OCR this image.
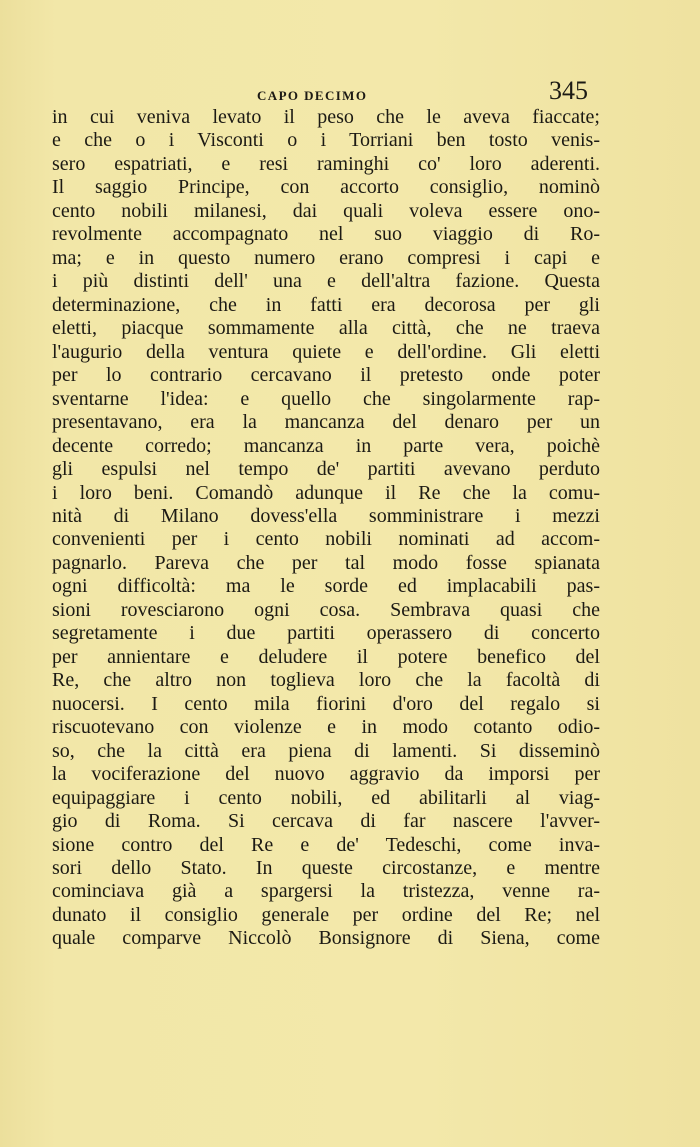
CAPO DECIMO	345
in cui veniva levato il peso che le aveva fiaccate;
e che o i Visconti o i Torriani ben tosto venis-
sero espatriati, e resi raminghi co' loro aderenti.
Il saggio Principe, con accorto consiglio, nominò
cento nobili milanesi, dai quali voleva essere ono-
revolmente accompagnato nel suo viaggio di Ro-
ma; e in questo numero erano compresi i capi e
i più distinti dell' una e dell'altra fazione. Questa
determinazione, che in fatti era decorosa per gli
eletti, piacque sommamente alla città, che ne traeva
l'augurio della ventura quiete e dell'ordine. Gli eletti
per lo contrario cercavano il pretesto onde poter
sventarne l'idea: e quello che singolarmente rap-
presentavano, era la mancanza del denaro per un
decente corredo; mancanza in parte vera, poichè
gli espulsi nel tempo de' partiti avevano perduto
i loro beni. Comandò adunque il Re che la comu-
nità di Milano dovess'ella somministrare i mezzi
convenienti per i cento nobili nominati ad accom-
pagnarlo. Pareva che per tal modo fosse spianata
ogni difficoltà: ma le sorde ed implacabili pas-
sioni rovesciarono ogni cosa. Sembrava quasi che
segretamente i due partiti operassero di concerto
per annientare e deludere il potere benefico del
Re, che altro non toglieva loro che la facoltà di
nuocersi. I cento mila fiorini d'oro del regalo si
riscuotevano con violenze e in modo cotanto odio-
so, che la città era piena di lamenti. Si disseminò
la vociferazione del nuovo aggravio da imporsi per
equipaggiare i cento nobili, ed abilitarli al viag-
gio di Roma. Si cercava di far nascere l'avver-
sione contro del Re e de' Tedeschi, come inva-
sori dello Stato. In queste circostanze, e mentre
cominciava già a spargersi la tristezza, venne ra-
dunato il consiglio generale per ordine del Re; nel
quale comparve Niccolò Bonsignore di Siena, come
